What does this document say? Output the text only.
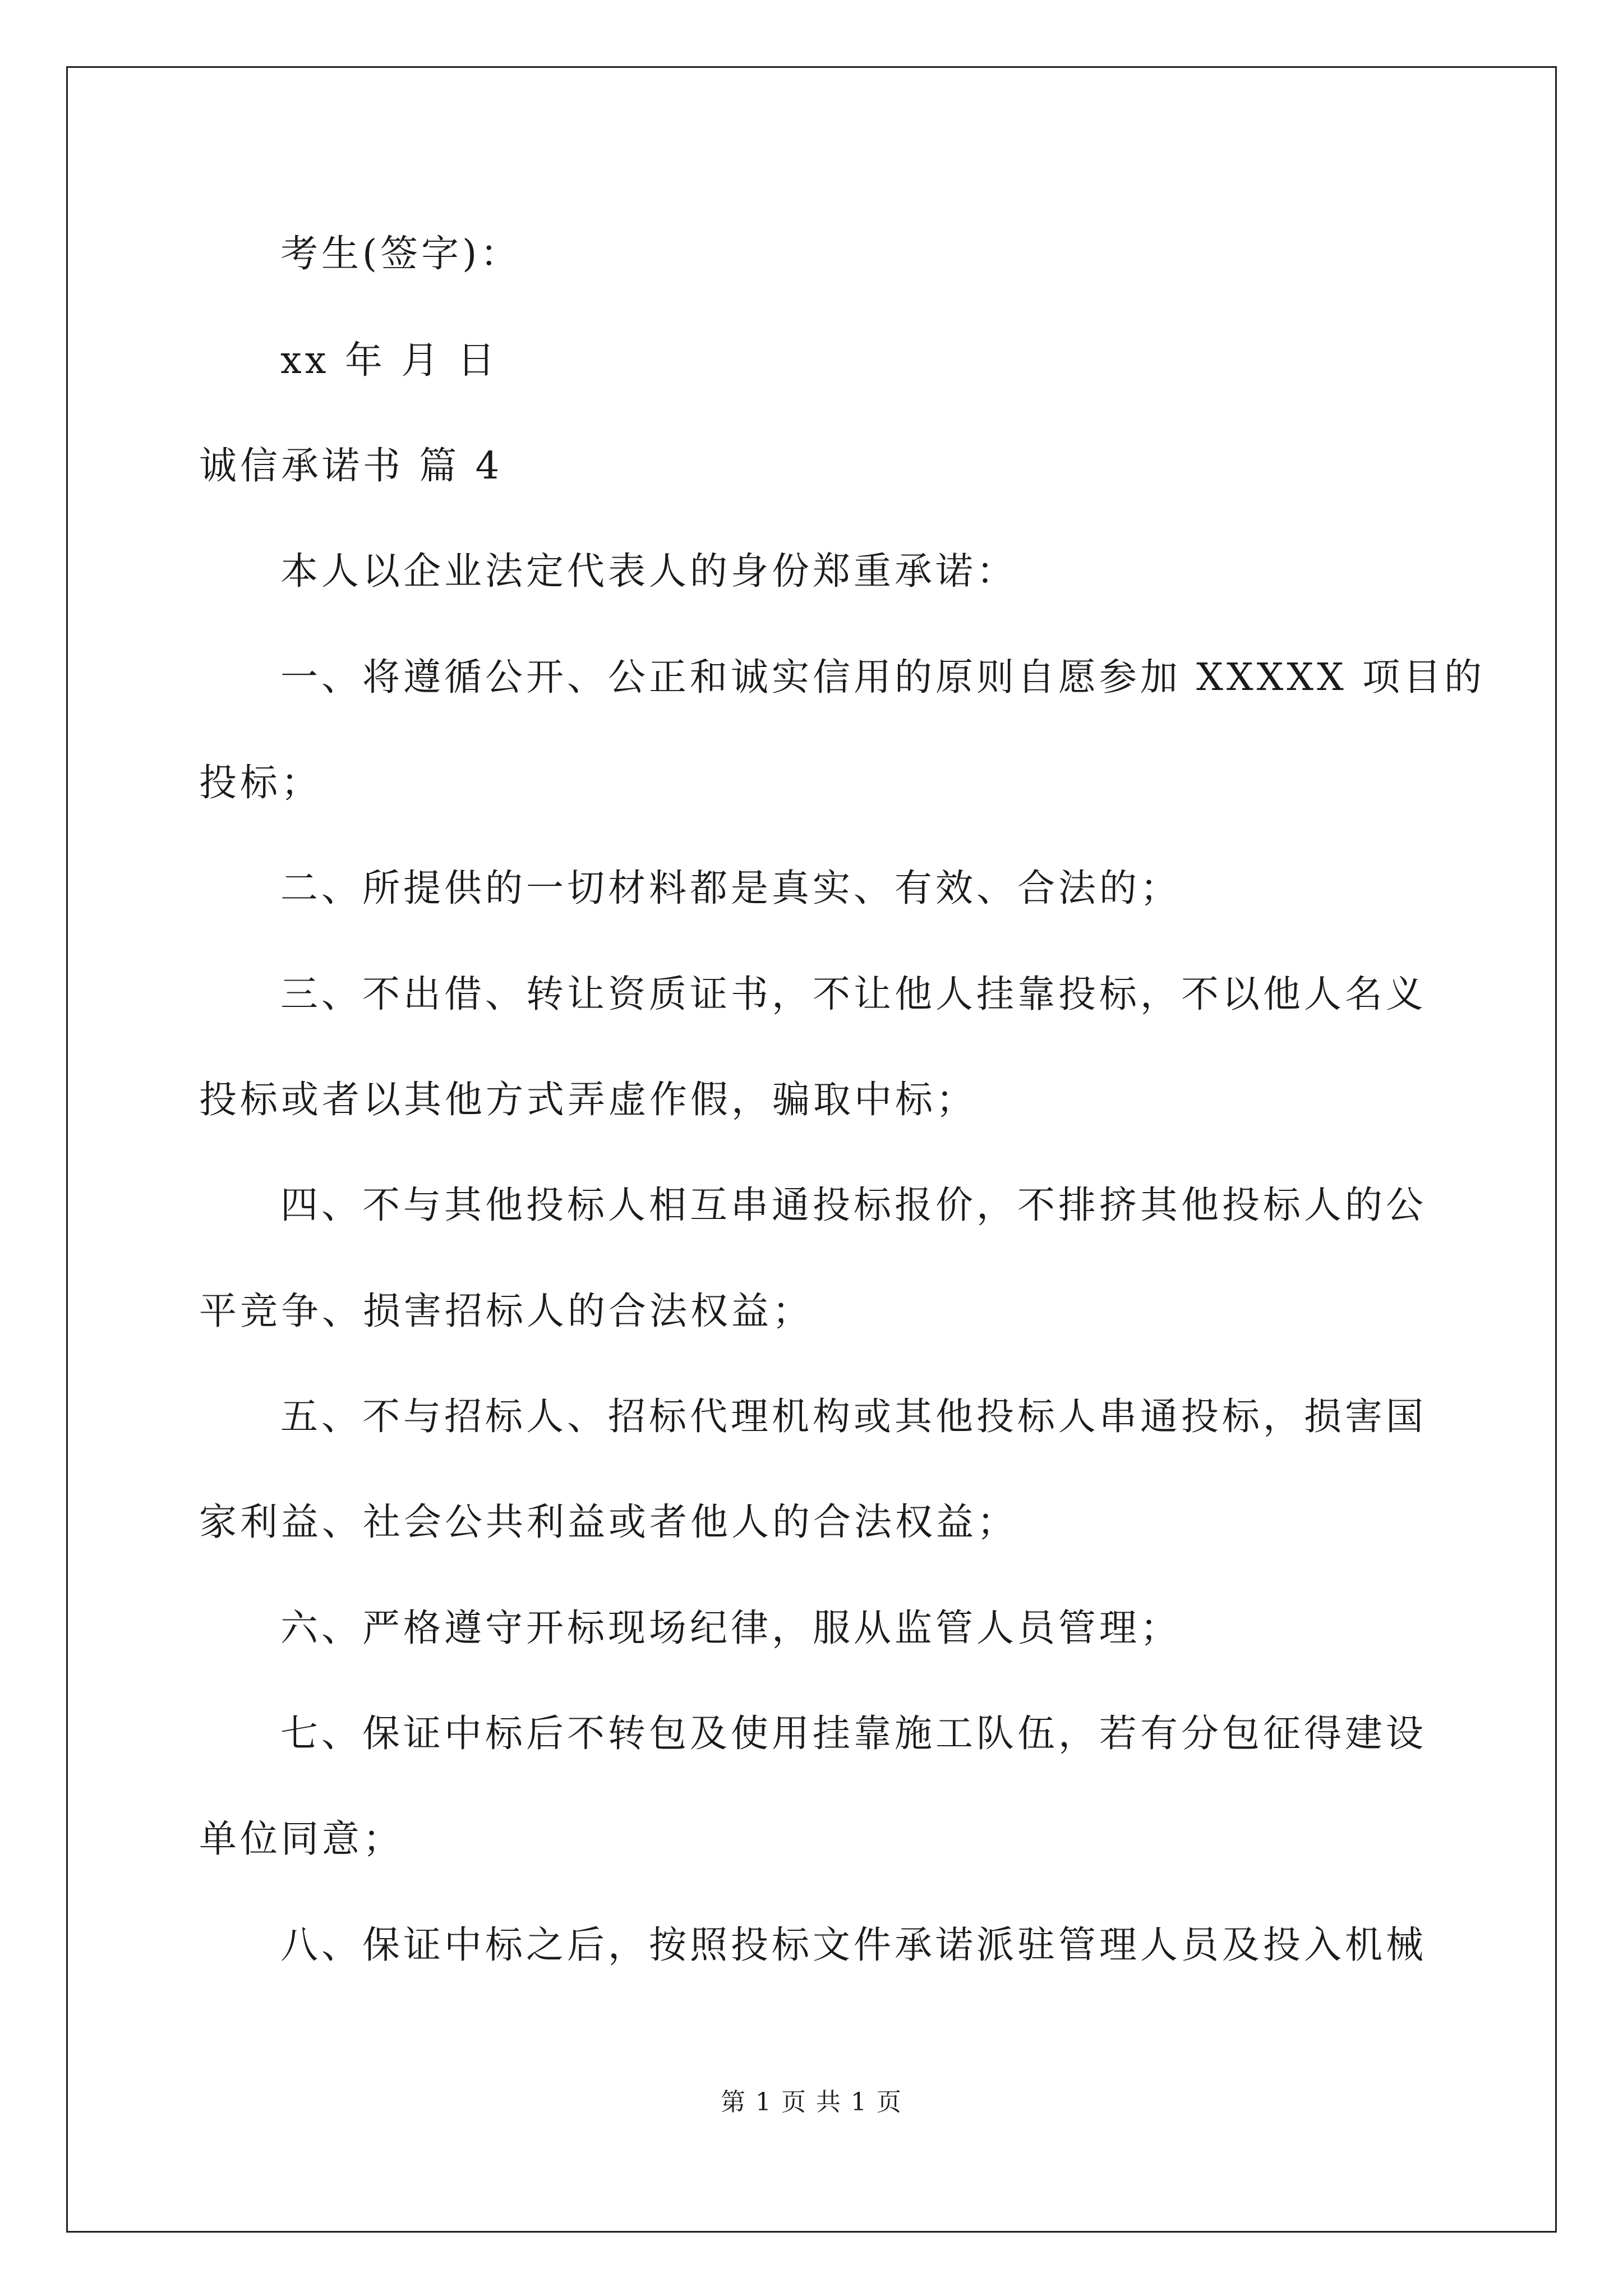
考生(签字)：
xx 年 月 日
诚信承诺书 篇 4
本人以企业法定代表人的身份郑重承诺：
一、将遵循公开、公正和诚实信用的原则自愿参加 XXXXX 项目的
投标；
二、所提供的一切材料都是真实、有效、合法的；
三、不出借、转让资质证书，不让他人挂靠投标，不以他人名义
投标或者以其他方式弄虚作假，骗取中标；
四、不与其他投标人相互串通投标报价，不排挤其他投标人的公
平竞争、损害招标人的合法权益；
五、不与招标人、招标代理机构或其他投标人串通投标，损害国
家利益、社会公共利益或者他人的合法权益；
六、严格遵守开标现场纪律，服从监管人员管理；
七、保证中标后不转包及使用挂靠施工队伍，若有分包征得建设
单位同意；
八、保证中标之后，按照投标文件承诺派驻管理人员及投入机械
第 1 页 共 1 页
